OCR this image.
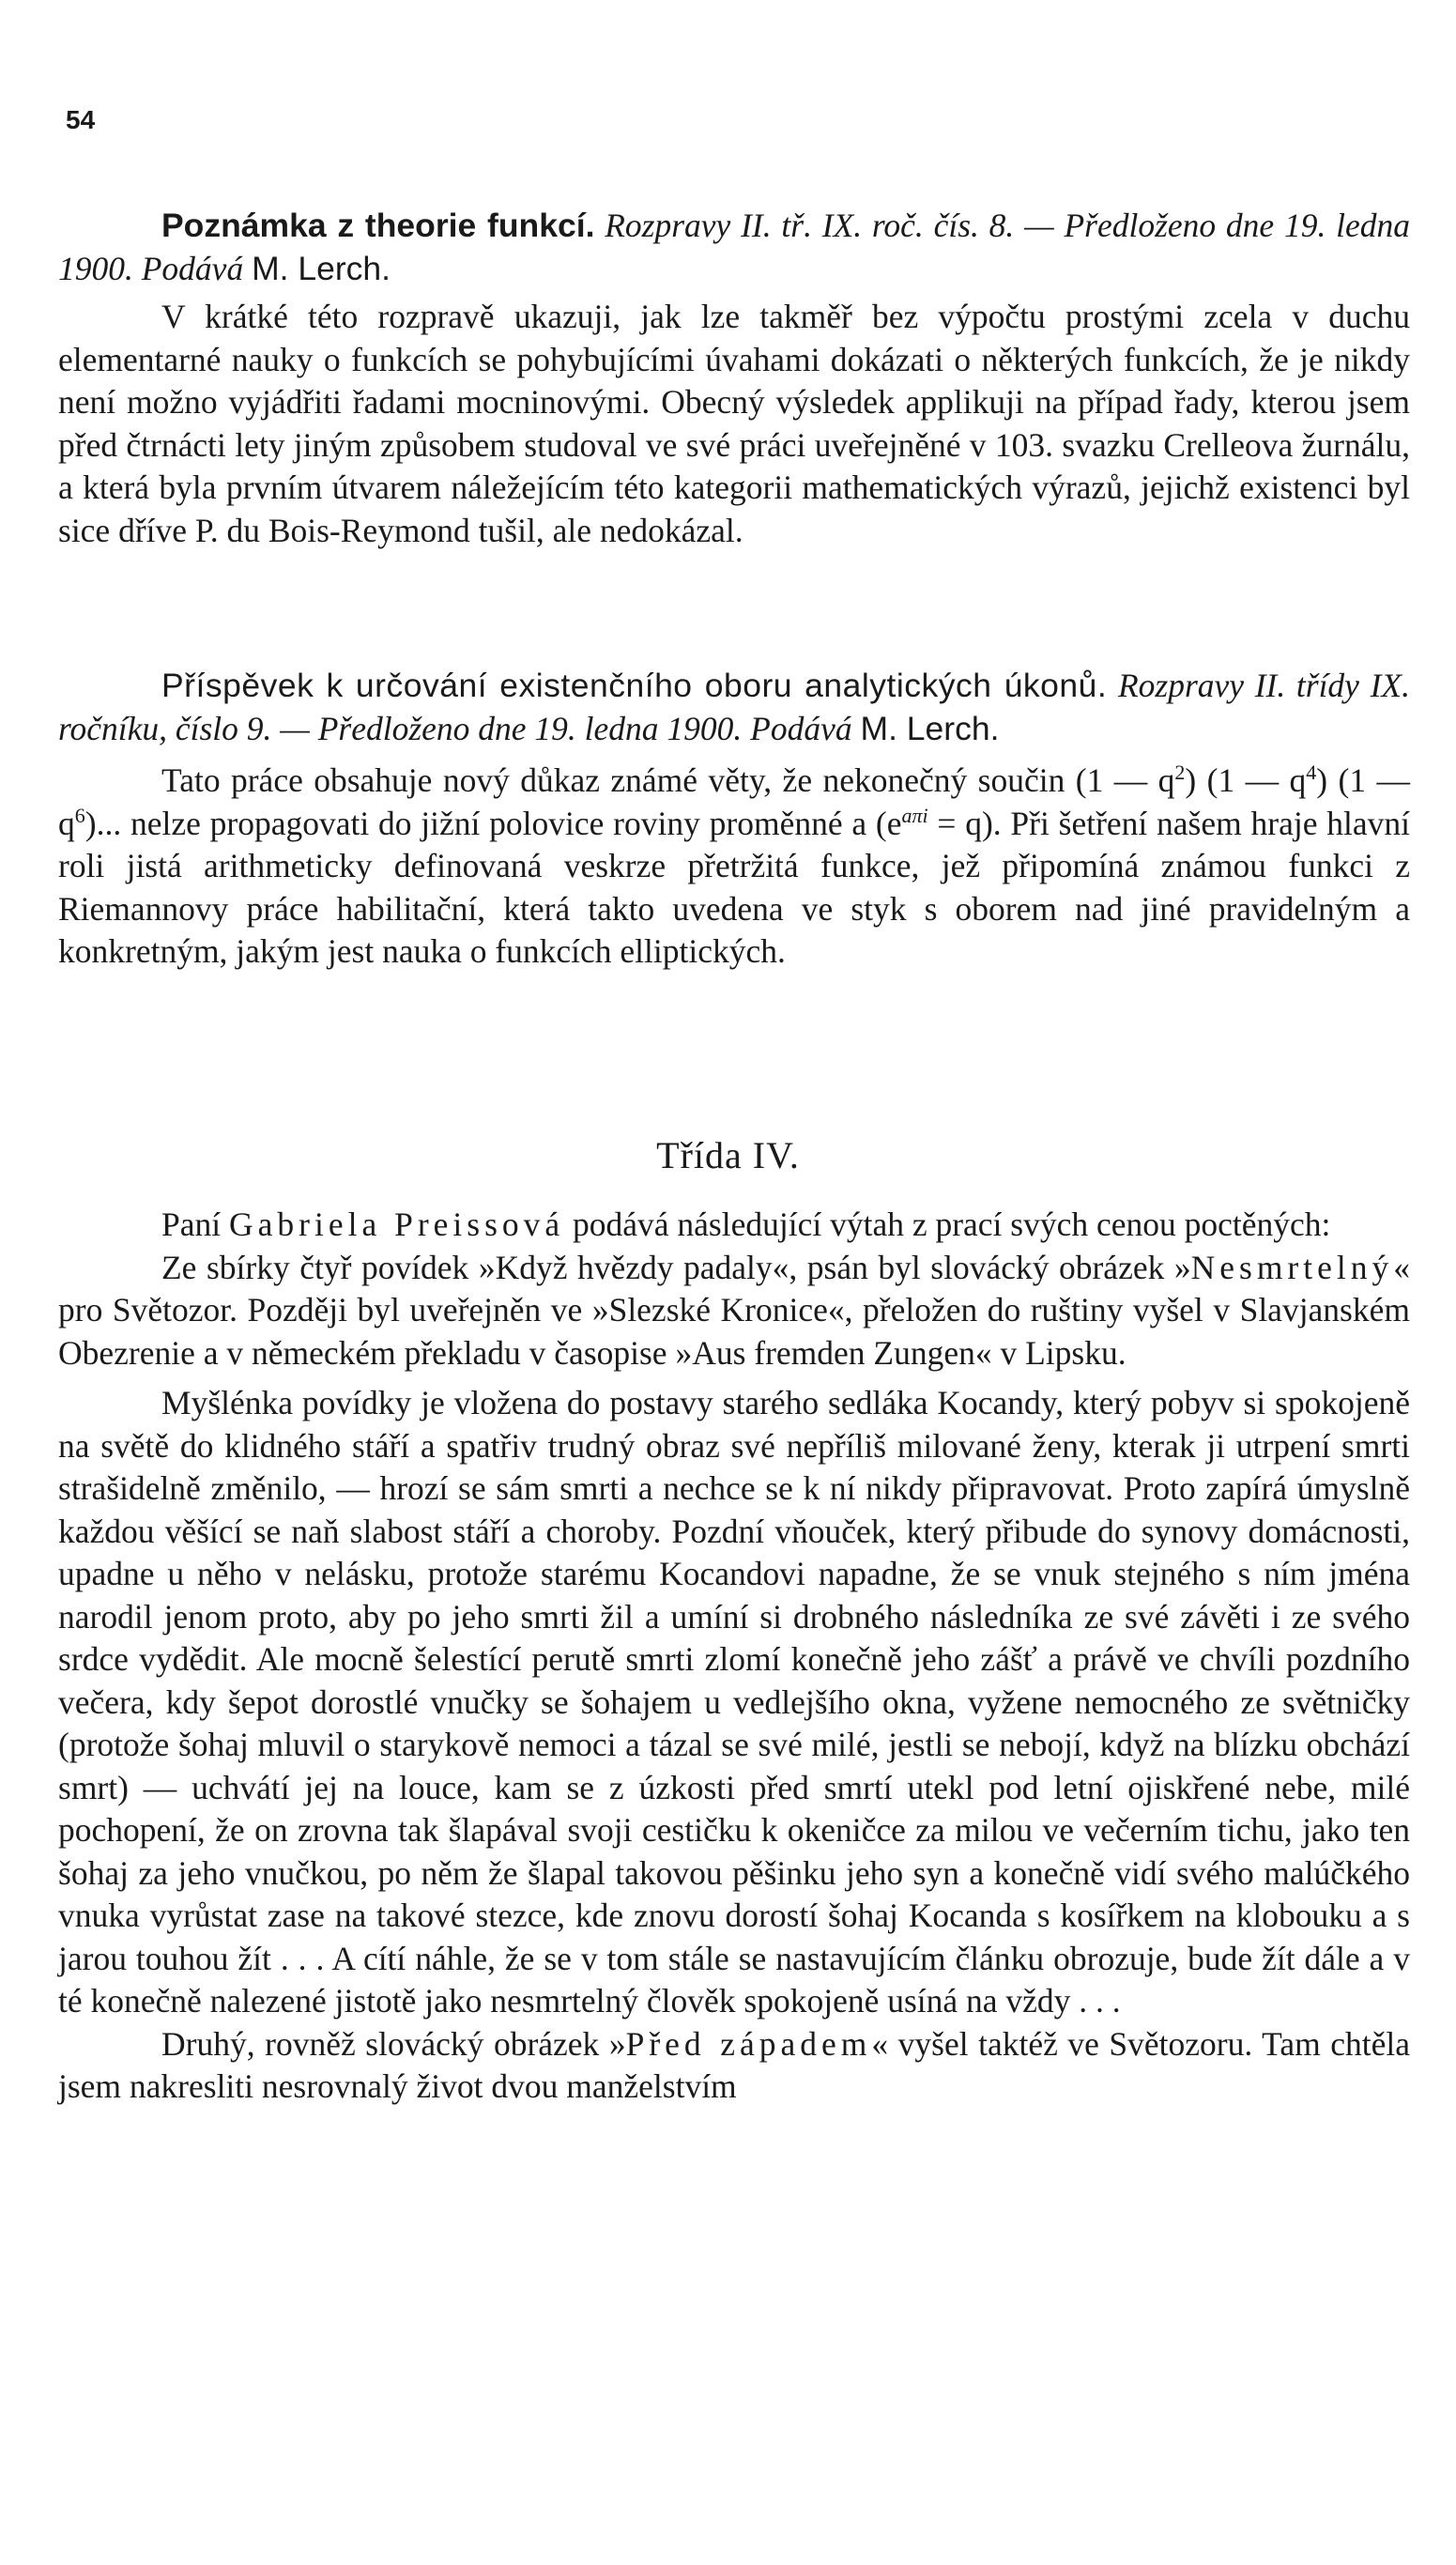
54

Poznámka z theorie funkcí. Rozpravy II. tř. IX. roč. čís. 8. — Předloženo dne 19. ledna 1900. Podává M. Lerch.

V krátké této rozpravě ukazuji, jak lze takměř bez výpočtu prostými zcela v duchu elementarné nauky o funkcích se pohybujícími úvahami dokázati o některých funkcích, že je nikdy není možno vyjádřiti řadami mocninovými. Obecný výsledek applikuji na případ řady, kterou jsem před čtrnácti lety jiným způsobem studoval ve své práci uveřejněné v 103. svazku Crelleova žurnálu, a která byla prvním útvarem náležejícím této kategorii mathematických výrazů, jejichž existenci byl sice dříve P. du Bois-Reymond tušil, ale nedokázal.

Příspěvek k určování existenčního oboru analytických úkonů. Rozpravy II. třídy IX. ročníku, číslo 9. — Předloženo dne 19. ledna 1900. Podává M. Lerch.

Tato práce obsahuje nový důkaz známé věty, že nekonečný součin (1 — $q^2$) (1 — $q^4$) (1 — $q^6$)... nelze propagovati do jižní polovice roviny proměnné a $(e^{a\pi i} = q)$. Při šetření našem hraje hlavní roli jistá arithmeticky definovaná veskrze přetržitá funkce, jež připomíná známou funkci z Riemannovy práce habilitační, která takto uvedena ve styk s oborem nad jiné pravidelným a konkretným, jakým jest nauka o funkcích elliptických.

Třída IV.

Paní Gabriela Preissová podává následující výtah z prací svých cenou poctěných:

Ze sbírky čtyř povídek »Když hvězdy padaly«, psán byl slovácký obrázek »Nesmrtelný« pro Světozor. Později byl uveřejněn ve »Slezské Kronice«, přeložen do ruštiny vyšel v Slavjanském Obezrenie a v německém překladu v časopise »Aus fremden Zungen« v Lipsku.

Myšlénka povídky je vložena do postavy starého sedláka Kocandy, který pobyv si spokojeně na světě do klidného stáří a spatřiv trudný obraz své nepříliš milované ženy, kterak ji utrpení smrti strašidelně změnilo, — hrozí se sám smrti a nechce se k ní nikdy připravovat. Proto zapírá úmyslně každou věšící se naň slabost stáří a choroby. Pozdní vňouček, který přibude do synovy domácnosti, upadne u něho v nelásku, protože starému Kocandovi napadne, že se vnuk stejného s ním jména narodil jenom proto, aby po jeho smrti žil a umíní si drobného následníka ze své závěti i ze svého srdce vydědit. Ale mocně šelestící perutě smrti zlomí konečně jeho zášť a právě ve chvíli pozdního večera, kdy šepot dorostlé vnučky se šohajem u vedlejšího okna, vyžene nemocného ze světničky (protože šohaj mluvil o starykově nemoci a tázal se své milé, jestli se nebojí, když na blízku obchází smrt) — uchvátí jej na louce, kam se z úzkosti před smrtí utekl pod letní ojiskřené nebe, milé pochopení, že on zrovna tak šlapával svoji cestičku k okeničce za milou ve večerním tichu, jako ten šohaj za jeho vnučkou, po něm že šlapal takovou pěšinku jeho syn a konečně vidí svého malúčkého vnuka vyrůstat zase na takové stezce, kde znovu dorostí šohaj Kocanda s kosířkem na klobouku a s jarou touhou žít . . . A cítí náhle, že se v tom stále se nastavujícím článku obrozuje, bude žít dále a v té konečně nalezené jistotě jako nesmrtelný člověk spokojeně usíná na vždy . . .

Druhý, rovněž slovácký obrázek »Před západem« vyšel taktéž ve Světozoru. Tam chtěla jsem nakresliti nesrovnalý život dvou manželstvím
